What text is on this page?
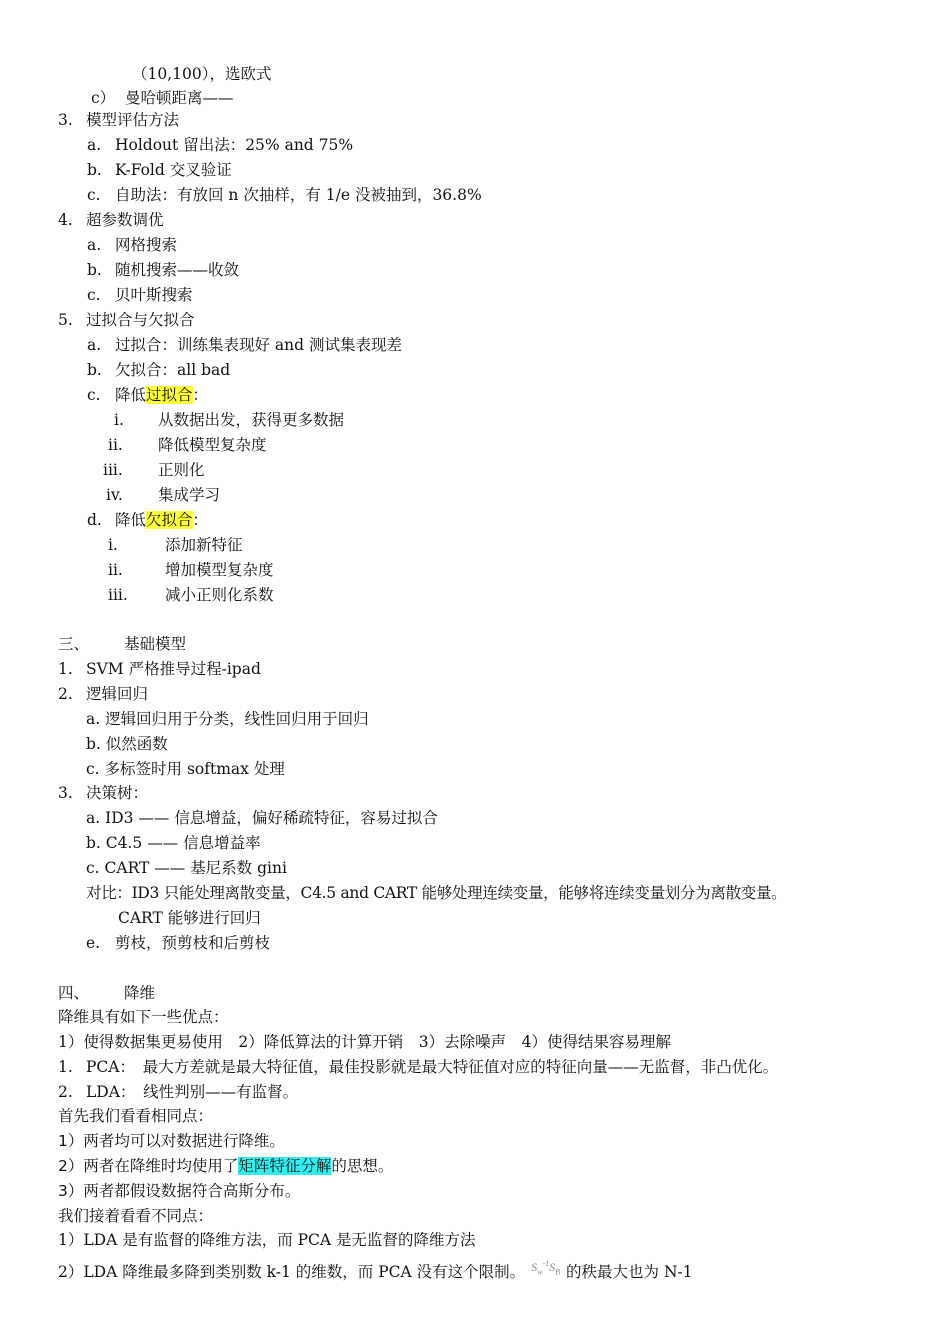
（10,100），选欧式
c） 曼哈顿距离——
3. 模型评估方法
a. Holdout 留出法：25% and 75%
b. K-Fold 交叉验证
c. 自助法：有放回 n 次抽样，有 1/e 没被抽到，36.8%
4. 超参数调优
a. 网格搜索
b. 随机搜索——收敛
c. 贝叶斯搜索
5. 过拟合与欠拟合
a. 过拟合：训练集表现好 and 测试集表现差
b. 欠拟合：all bad
c. 降低过拟合：
i. 从数据出发，获得更多数据
ii. 降低模型复杂度
iii. 正则化
iv. 集成学习
d. 降低欠拟合：
i.	添加新特征
ii.	增加模型复杂度
iii. 减小正则化系数
三、 基础模型
1. SVM 严格推导过程-ipad
2. 逻辑回归
a. 逻辑回归用于分类，线性回归用于回归
b. 似然函数
c. 多标签时用 softmax 处理
3. 决策树：
a. ID3 —— 信息增益，偏好稀疏特征，容易过拟合
b. C4.5 —— 信息增益率
c. CART —— 基尼系数 gini
对比：ID3 只能处理离散变量，C4.5 and CART 能够处理连续变量，能够将连续变量划分为离散变量。
CART 能够进行回归
e. 剪枝，预剪枝和后剪枝
四、 降维
降维具有如下一些优点：
1）使得数据集更易使用　2）降低算法的计算开销　3）去除噪声　4）使得结果容易理解
1. PCA：　最大方差就是最大特征值，最佳投影就是最大特征值对应的特征向量——无监督，非凸优化。
2. LDA：　线性判别——有监督。
首先我们看看相同点：
1）两者均可以对数据进行降维。
2）两者在降维时均使用了矩阵特征分解的思想。
3）两者都假设数据符合高斯分布。
我们接着看看不同点：
1）LDA 是有监督的降维方法，而 PCA 是无监督的降维方法
2）LDA 降维最多降到类别数 k-1 的维数，而 PCA 没有这个限制。 $^{S_w^{-1}S_B}$ 的秩最大也为 N-1
